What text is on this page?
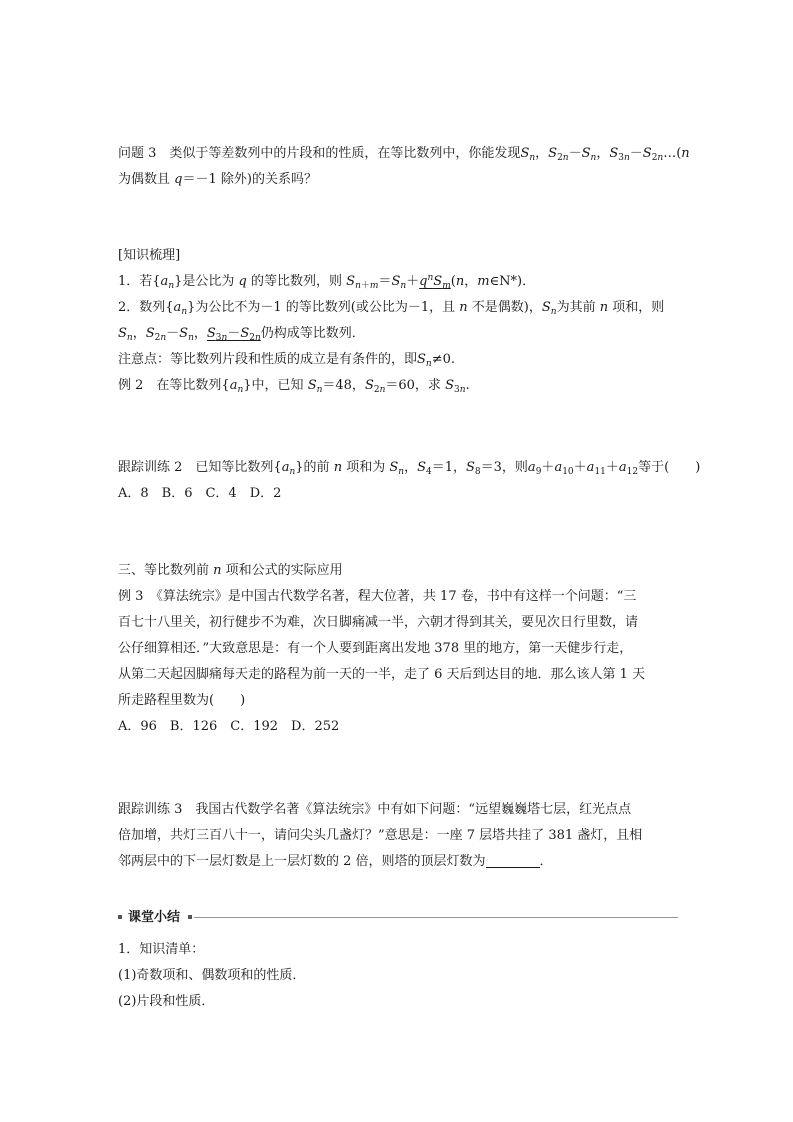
问题 3　 类似于等差数列中的片段和的性质，在等比数列中，你能发现$S_n$，$S_{2n}-S_n$，$S_{3n}-S_{2n}\dots(n$
为偶数且 q＝－1 除外)的关系吗？
[知识梳理]
1．若$\{a_n\}$是公比为 q 的等比数列，则 $S_{n+m}=S_n+q^nS_m(n$，m∈N*)．
2．数列$\{a_n\}$为公比不为－1 的等比数列(或公比为－1，且 n 不是偶数)，$S_n$为其前 n 项和，则
$S_n$，$S_{2n}-S_n$，$S_{3n}-S_{2n}$仍构成等比数列．
注意点：等比数列片段和性质的成立是有条件的，即$S_n\ne 0$.
例 2　 在等比数列$\{a_n\}$中，已知 $S_n=48$，$S_{2n}=60$，求 $S_{3n}$.
跟踪训练 2　 已知等比数列$\{a_n\}$的前 n 项和为 $S_n$，$S_4=1$，$S_8=3$，则$a_9+a_{10}+a_{11}+a_{12}$等于(　　)
A．8　B．6　C．4　D．2
三、等比数列前 n 项和公式的实际应用
例 3　 《算法统宗》是中国古代数学名著，程大位著，共 17 卷，书中有这样一个问题：“三
百七十八里关，初行健步不为难，次日脚痛减一半，六朝才得到其关，要见次日行里数，请
公仔细算相还．”大致意思是：有一个人要到距离出发地 378 里的地方，第一天健步行走，
从第二天起因脚痛每天走的路程为前一天的一半，走了 6 天后到达目的地．那么该人第 1 天
所走路程里数为(　　)
A．96　B．126　C．192　D．252
跟踪训练 3　 我国古代数学名著《算法统宗》中有如下问题：“远望巍巍塔七层，红光点点
倍加增，共灯三百八十一，请问尖头几盏灯？”意思是：一座 7 层塔共挂了 381 盏灯，且相
邻两层中的下一层灯数是上一层灯数的 2 倍，则塔的顶层灯数为	．
课堂小结
1．知识清单：
(1)奇数项和、偶数项和的性质．
(2)片段和性质．
